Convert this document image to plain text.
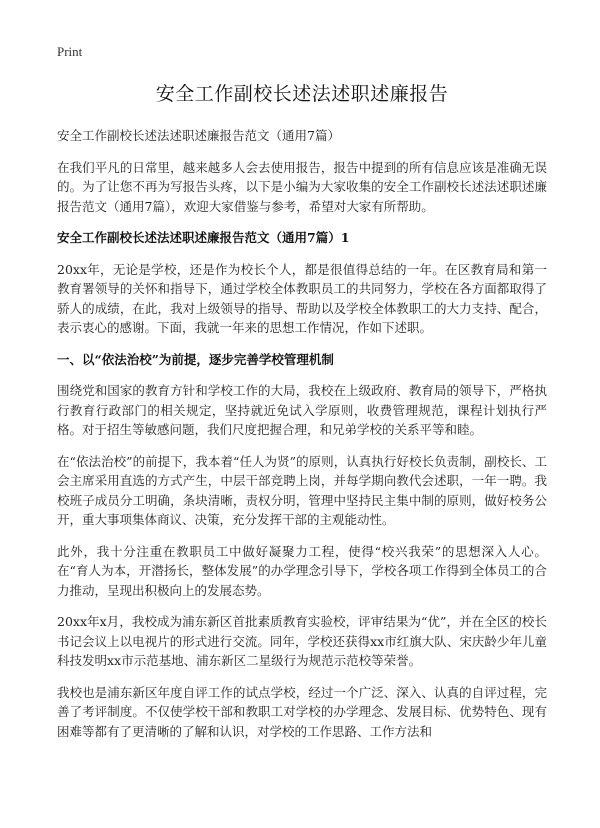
Print
安全工作副校长述法述职述廉报告

安全工作副校长述法述职述廉报告范文（通用7篇）

在我们平凡的日常里，越来越多人会去使用报告，报告中提到的所有信息应该是准确无误的。为了让您不再为写报告头疼，以下是小编为大家收集的安全工作副校长述法述职述廉报告范文（通用7篇），欢迎大家借鉴与参考，希望对大家有所帮助。

安全工作副校长述法述职述廉报告范文（通用7篇）1

20xx年，无论是学校，还是作为校长个人，都是很值得总结的一年。在区教育局和第一教育署领导的关怀和指导下，通过学校全体教职员工的共同努力，学校在各方面都取得了骄人的成绩，在此，我对上级领导的指导、帮助以及学校全体教职工的大力支持、配合，表示衷心的感谢。下面，我就一年来的思想工作情况，作如下述职。

一、以“依法治校”为前提，逐步完善学校管理机制

围绕党和国家的教育方针和学校工作的大局，我校在上级政府、教育局的领导下，严格执行教育行政部门的相关规定，坚持就近免试入学原则，收费管理规范，课程计划执行严格。对于招生等敏感问题，我们尺度把握合理，和兄弟学校的关系平等和睦。

在“依法治校”的前提下，我本着“任人为贤”的原则，认真执行好校长负责制，副校长、工会主席采用直选的方式产生，中层干部竞聘上岗，并每学期向教代会述职，一年一聘。我校班子成员分工明确，条块清晰，责权分明，管理中坚持民主集中制的原则，做好校务公开，重大事项集体商议、决策，充分发挥干部的主观能动性。

此外，我十分注重在教职员工中做好凝聚力工程，使得“校兴我荣”的思想深入人心。在“育人为本，开潜扬长，整体发展”的办学理念引导下，学校各项工作得到全体员工的合力推动，呈现出积极向上的发展态势。

20xx年x月，我校成为浦东新区首批素质教育实验校，评审结果为“优”，并在全区的校长书记会议上以电视片的形式进行交流。同年，学校还获得xx市红旗大队、宋庆龄少年儿童科技发明xx市示范基地、浦东新区二星级行为规范示范校等荣誉。

我校也是浦东新区年度自评工作的试点学校，经过一个广泛、深入、认真的自评过程，完善了考评制度。不仅使学校干部和教职工对学校的办学理念、发展目标、优势特色、现有困难等都有了更清晰的了解和认识，对学校的工作思路、工作方法和
